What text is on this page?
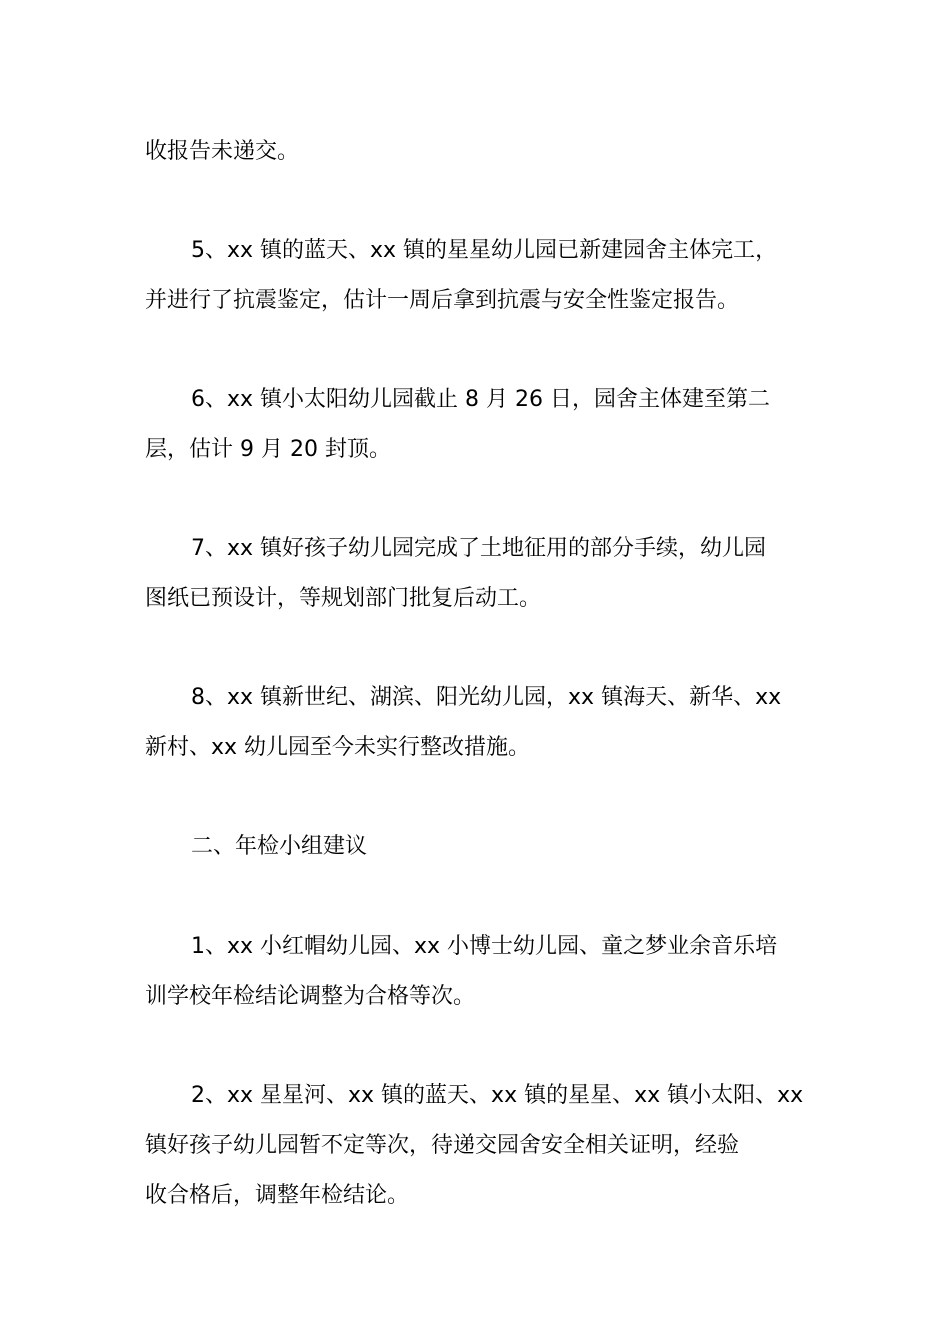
收报告未递交。

5、xx 镇的蓝天、xx 镇的星星幼儿园已新建园舍主体完工，
并进行了抗震鉴定，估计一周后拿到抗震与安全性鉴定报告。

6、xx 镇小太阳幼儿园截止 8 月 26 日，园舍主体建至第二
层，估计 9 月 20 封顶。

7、xx 镇好孩子幼儿园完成了土地征用的部分手续，幼儿园
图纸已预设计，等规划部门批复后动工。

8、xx 镇新世纪、湖滨、阳光幼儿园，xx 镇海天、新华、xx
新村、xx 幼儿园至今未实行整改措施。

二、年检小组建议

1、xx 小红帽幼儿园、xx 小博士幼儿园、童之梦业余音乐培
训学校年检结论调整为合格等次。

2、xx 星星河、xx 镇的蓝天、xx 镇的星星、xx 镇小太阳、xx
镇好孩子幼儿园暂不定等次，待递交园舍安全相关证明，经验
收合格后，调整年检结论。
